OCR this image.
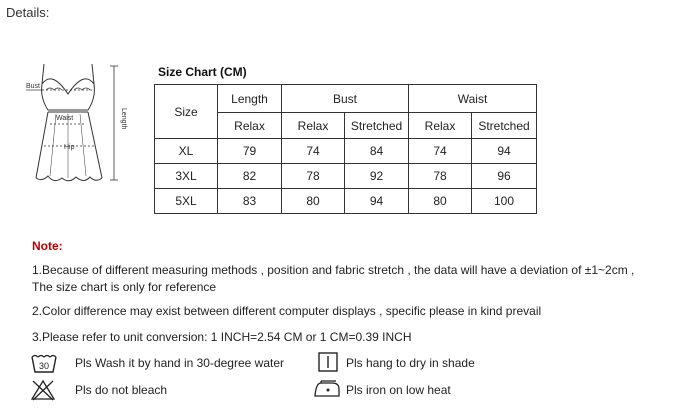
Details:
Bust
Waist
Hip
Length
Size Chart (CM)
Size	Length	Bust		Waist	
	Relax	Relax	Stretched	Relax	Stretched
XL	79	74	84	74	94
3XL	82	78	92	78	96
5XL	83	80	94	80	100
Note:
1.Because of different measuring methods , position and fabric stretch , the data will have a deviation of ±1~2cm ,
The size chart is only for reference
2.Color difference may exist between different computer displays , specific please in kind prevail
3.Please refer to unit conversion: 1 INCH=2.54 CM or 1 CM=0.39 INCH
30 Pls Wash it by hand in 30-degree water	Pls hang to dry in shade
Pls do not bleach	Pls iron on low heat
